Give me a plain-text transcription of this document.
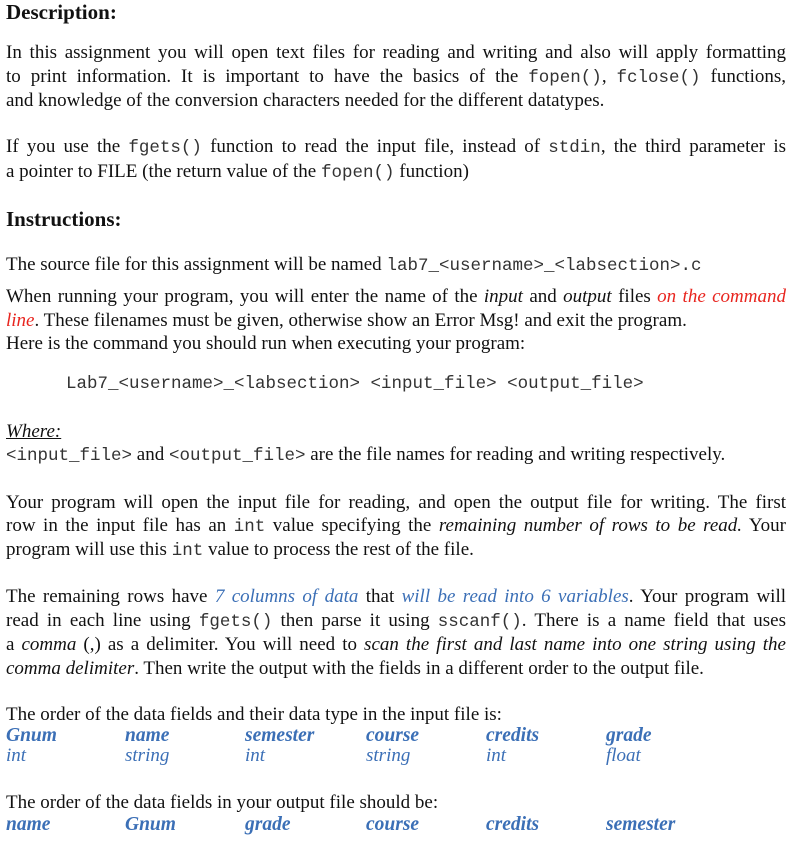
Description:
In this assignment you will open text files for reading and writing and also will apply formatting
to print information. It is important to have the basics of the fopen(), fclose() functions,
and knowledge of the conversion characters needed for the different datatypes.
If you use the fgets() function to read the input file, instead of stdin, the third parameter is
a pointer to FILE (the return value of the fopen() function)
Instructions:
The source file for this assignment will be named lab7_<username>_<labsection>.c
When running your program, you will enter the name of the input and output files on the command
line. These filenames must be given, otherwise show an Error Msg! and exit the program.
Here is the command you should run when executing your program:
Lab7_<username>_<labsection> <input_file> <output_file>
Where:
<input_file> and <output_file> are the file names for reading and writing respectively.
Your program will open the input file for reading, and open the output file for writing. The first
row in the input file has an int value specifying the remaining number of rows to be read. Your
program will use this int value to process the rest of the file.
The remaining rows have 7 columns of data that will be read into 6 variables. Your program will
read in each line using fgets() then parse it using sscanf(). There is a name field that uses
a comma (,) as a delimiter. You will need to scan the first and last name into one string using the
comma delimiter. Then write the output with the fields in a different order to the output file.
The order of the data fields and their data type in the input file is:
Gnum	name	semester	course	credits	grade
int	string	int	string	int	float
The order of the data fields in your output file should be:
name	Gnum	grade	course	credits	semester
